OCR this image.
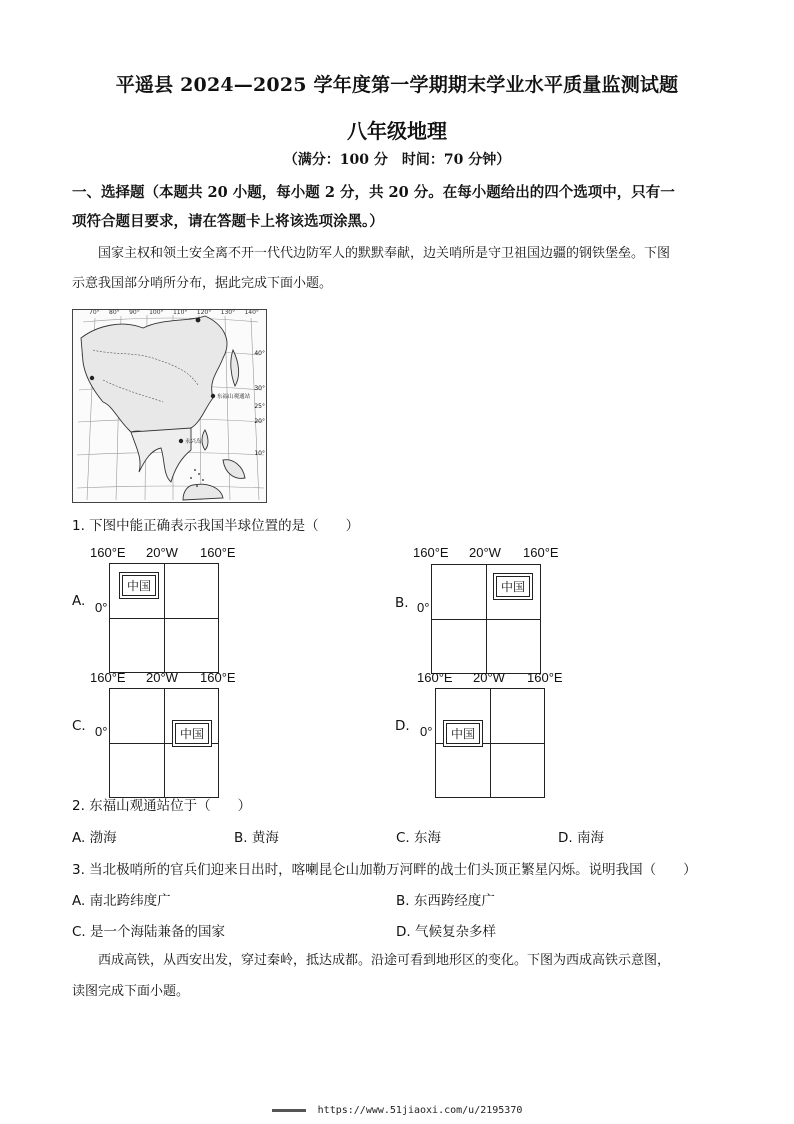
平遥县 2024—2025 学年度第一学期期末学业水平质量监测试题
八年级地理
（满分：100 分　时间：70 分钟）
一、选择题（本题共 20 小题，每小题 2 分，共 20 分。在每小题给出的四个选项中，只有一
项符合题目要求，请在答题卡上将该选项涂黑。）
国家主权和领土安全离不开一代代边防军人的默默奉献，边关哨所是守卫祖国边疆的钢铁堡垒。下图
示意我国部分哨所分布，据此完成下面小题。
70° 80° 90° 100° 110° 120° 130° 140°
40°
30°
25°
20°
10°
东福山观通站
永兴岛
1. 下图中能正确表示我国半球位置的是（　　）
A.
160°E 20°W 160°E
0°
中国
B.
160°E 20°W 160°E
0°
中国
C.
160°E 20°W 160°E
0°	中国	D.
160°E 20°W 160°E
0°	中国
2. 东福山观通站位于（　　）
A. 渤海	B. 黄海	C. 东海	D. 南海
3. 当北极哨所的官兵们迎来日出时，喀喇昆仑山加勒万河畔的战士们头顶正繁星闪烁。说明我国（　　）
A. 南北跨纬度广	B. 东西跨经度广
C. 是一个海陆兼备的国家	D. 气候复杂多样
西成高铁，从西安出发，穿过秦岭，抵达成都。沿途可看到地形区的变化。下图为西成高铁示意图，
读图完成下面小题。
https://www.51jiaoxi.com/u/2195370
